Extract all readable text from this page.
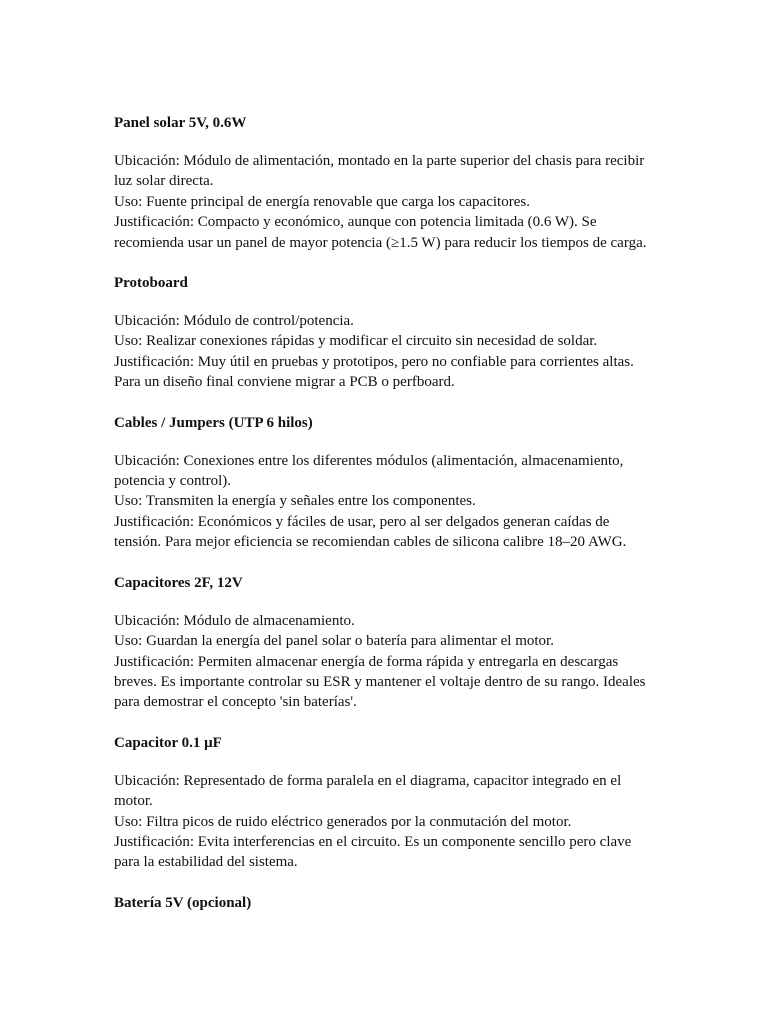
Panel solar 5V, 0.6W

Ubicación: Módulo de alimentación, montado en la parte superior del chasis para recibir luz solar directa.
Uso: Fuente principal de energía renovable que carga los capacitores.
Justificación: Compacto y económico, aunque con potencia limitada (0.6 W). Se recomienda usar un panel de mayor potencia (≥1.5 W) para reducir los tiempos de carga.

Protoboard

Ubicación: Módulo de control/potencia.
Uso: Realizar conexiones rápidas y modificar el circuito sin necesidad de soldar.
Justificación: Muy útil en pruebas y prototipos, pero no confiable para corrientes altas. Para un diseño final conviene migrar a PCB o perfboard.

Cables / Jumpers (UTP 6 hilos)

Ubicación: Conexiones entre los diferentes módulos (alimentación, almacenamiento, potencia y control).
Uso: Transmiten la energía y señales entre los componentes.
Justificación: Económicos y fáciles de usar, pero al ser delgados generan caídas de tensión. Para mejor eficiencia se recomiendan cables de silicona calibre 18–20 AWG.

Capacitores 2F, 12V

Ubicación: Módulo de almacenamiento.
Uso: Guardan la energía del panel solar o batería para alimentar el motor.
Justificación: Permiten almacenar energía de forma rápida y entregarla en descargas breves. Es importante controlar su ESR y mantener el voltaje dentro de su rango. Ideales para demostrar el concepto 'sin baterías'.

Capacitor 0.1 μF

Ubicación: Representado de forma paralela en el diagrama, capacitor integrado en el motor.
Uso: Filtra picos de ruido eléctrico generados por la conmutación del motor.
Justificación: Evita interferencias en el circuito. Es un componente sencillo pero clave para la estabilidad del sistema.

Batería 5V (opcional)
